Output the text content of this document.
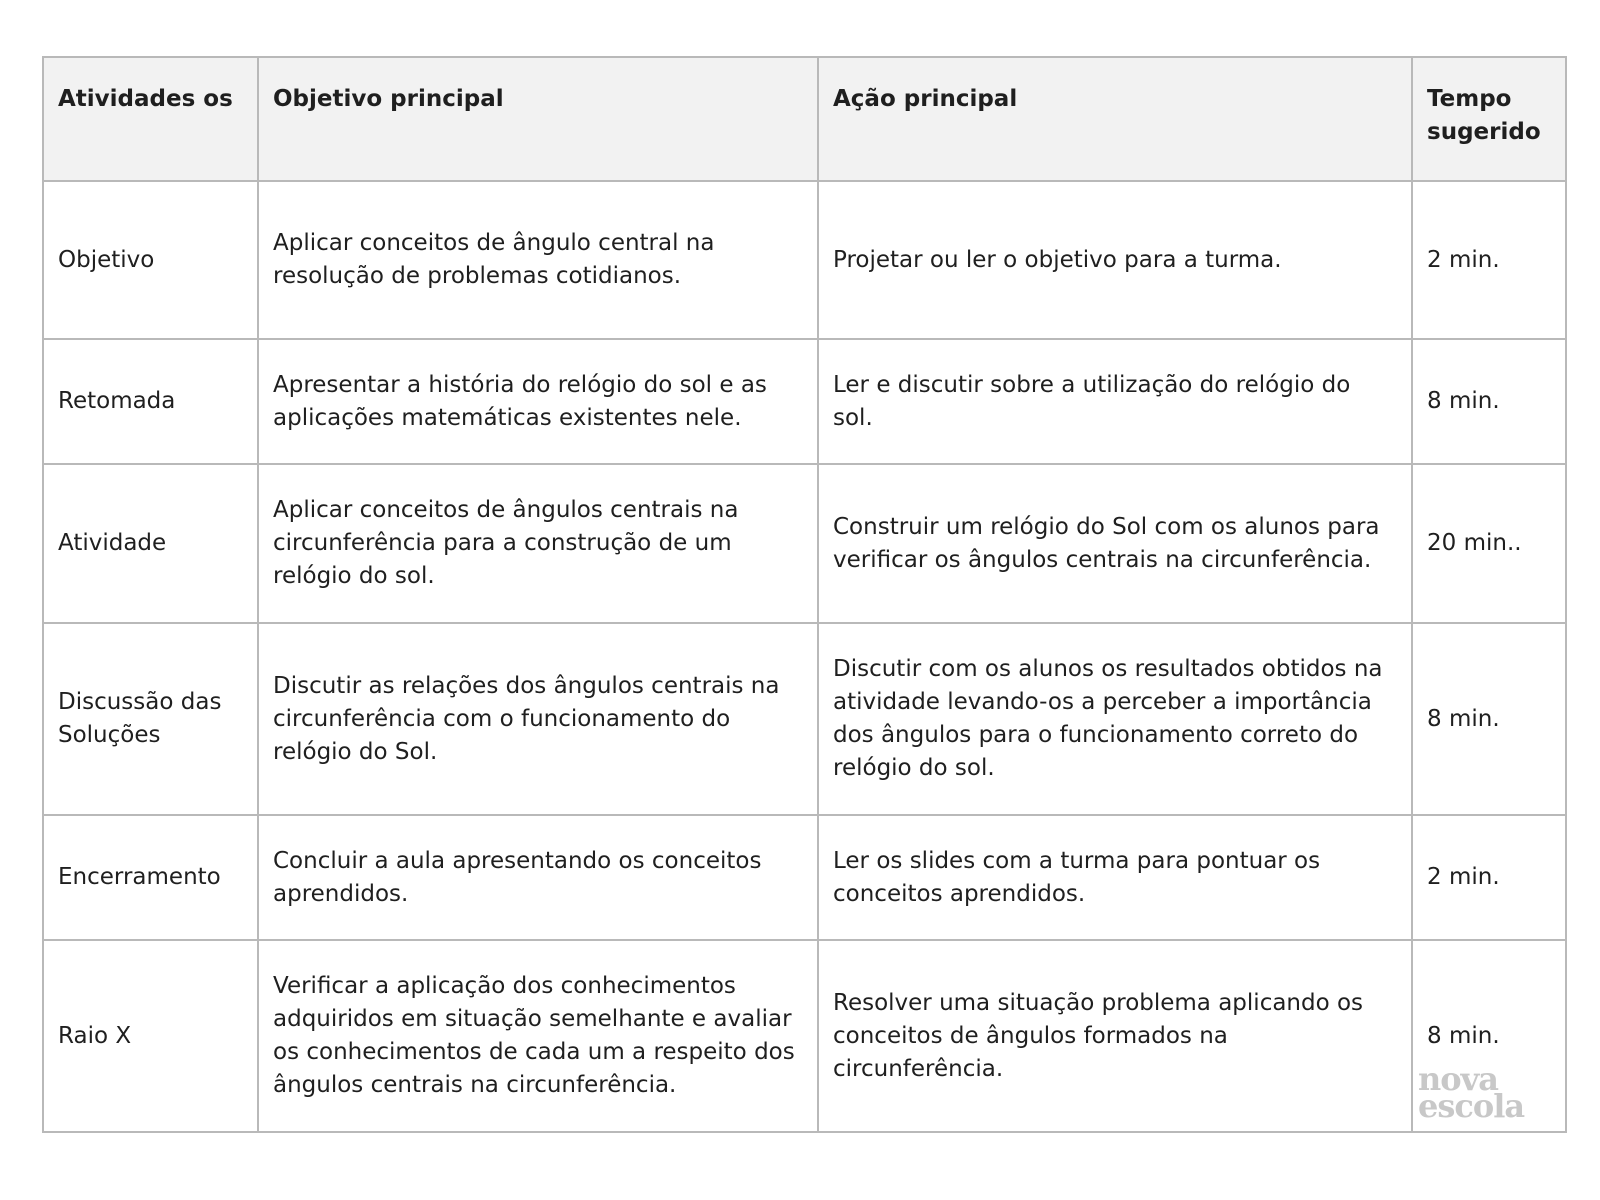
Atividades os	Objetivo principal	Ação principal	Tempo sugerido
Objetivo	Aplicar conceitos de ângulo central na resolução de problemas cotidianos.	Projetar ou ler o objetivo para a turma.	2 min.
Retomada	Apresentar a história do relógio do sol e as aplicações matemáticas existentes nele.	Ler e discutir sobre a utilização do relógio do sol.	8 min.
Atividade	Aplicar conceitos de ângulos centrais na circunferência para a construção de um relógio do sol.	Construir um relógio do Sol com os alunos para verificar os ângulos centrais na circunferência.	20 min..
Discussão das Soluções	Discutir as relações dos ângulos centrais na circunferência com o funcionamento do relógio do Sol.	Discutir com os alunos os resultados obtidos na atividade levando-os a perceber a importância dos ângulos para o funcionamento correto do relógio do sol.	8 min.
Encerramento	Concluir a aula apresentando os conceitos aprendidos.	Ler os slides com a turma para pontuar os conceitos aprendidos.	2 min.
Raio X	Verificar a aplicação dos conhecimentos adquiridos em situação semelhante e avaliar os conhecimentos de cada um a respeito dos ângulos centrais na circunferência.	Resolver uma situação problema aplicando os conceitos de ângulos formados na circunferência.	8 min.
nova
escola
